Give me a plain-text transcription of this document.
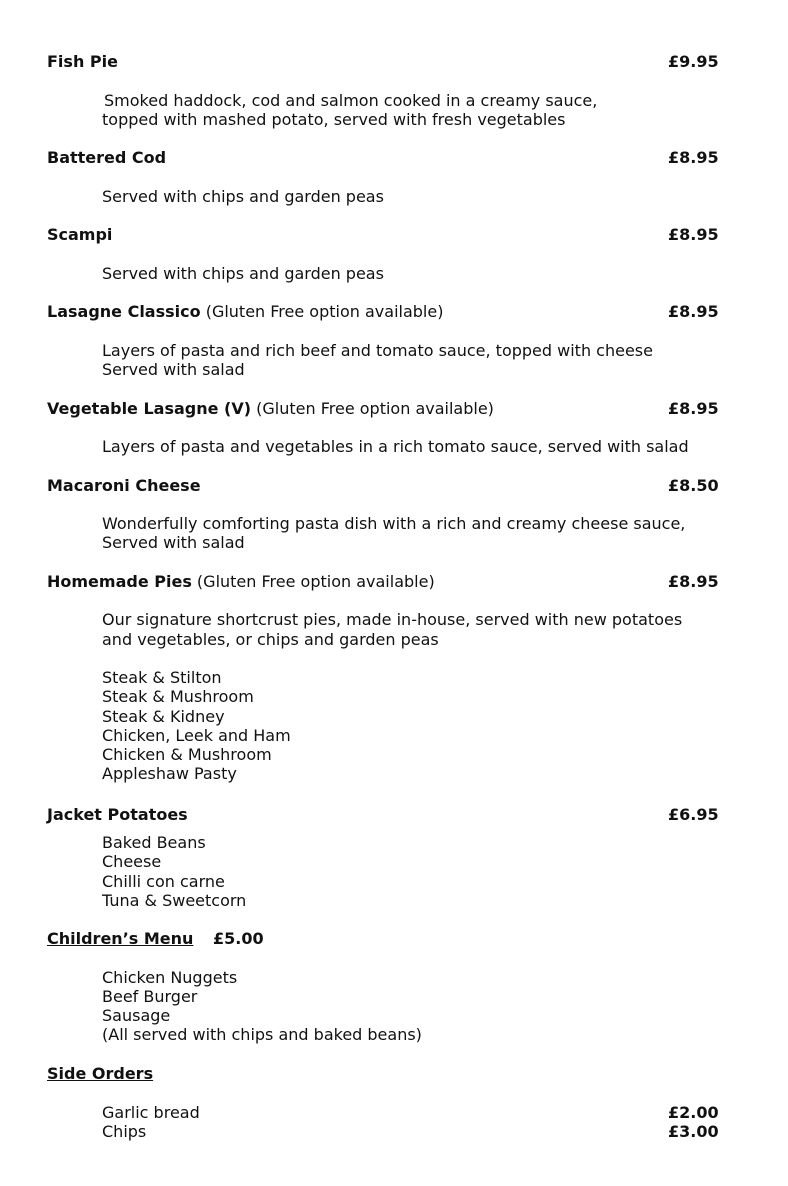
Fish Pie	£9.95
Smoked haddock, cod and salmon cooked in a creamy sauce,
topped with mashed potato, served with fresh vegetables
Battered Cod	£8.95
Served with chips and garden peas
Scampi	£8.95
Served with chips and garden peas
Lasagne Classico (Gluten Free option available)	£8.95
Layers of pasta and rich beef and tomato sauce, topped with cheese
Served with salad
Vegetable Lasagne (V) (Gluten Free option available)	£8.95
Layers of pasta and vegetables in a rich tomato sauce, served with salad
Macaroni Cheese	£8.50
Wonderfully comforting pasta dish with a rich and creamy cheese sauce,
Served with salad
Homemade Pies (Gluten Free option available)	£8.95
Our signature shortcrust pies, made in-house, served with new potatoes
and vegetables, or chips and garden peas
Steak & Stilton
Steak & Mushroom
Steak & Kidney
Chicken, Leek and Ham
Chicken & Mushroom
Appleshaw Pasty
Jacket Potatoes	£6.95
Baked Beans
Cheese
Chilli con carne
Tuna & Sweetcorn
Children’s Menu £5.00
Chicken Nuggets
Beef Burger
Sausage
(All served with chips and baked beans)
Side Orders
Garlic bread	£2.00
Chips	£3.00
